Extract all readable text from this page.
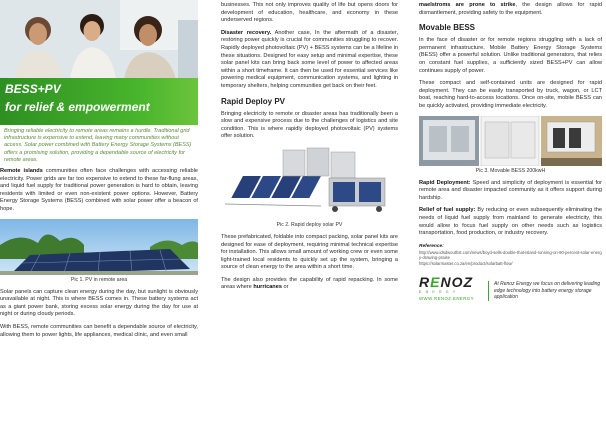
BESS+PV
for relief & empowerment
Bringing reliable electricity to remote areas remains a hurdle. Traditional grid infrastructure is expensive to extend, leaving many communities without access. Solar power combined with Battery Energy Storage Systems (BESS) offers a promising solution, providing a dependable source of electricity for remote areas.

Remote islands communities often face challenges with accessing reliable electricity. Power grids are far too expensive to extend to these far-flung areas, and liquid fuel supply for traditional power generation is hard to obtain, leaving residents with limited or even non-existent power options. However, Battery Energy Storage Systems (BESS) combined with solar power offer a beacon of hope.

Pic 1. PV in remote area

Solar panels can capture clean energy during the day, but sunlight is obviously unavailable at night. This is where BESS comes in. These battery systems act as a giant power bank, storing excess solar energy during the day for use at night or during cloudy periods.

With BESS, remote communities can benefit a dependable source of electricity, allowing them to power lights, life appliances, medical clinic, and even small

businesses. This not only improves quality of life but opens doors for development of education, healthcare, and economy in these underserved regions.

Disaster recovery. Another case, In the aftermath of a disaster, restoring power quickly is crucial for communities struggling to recover. Rapidly deployed photovoltaic (PV) + BESS systems can be a lifeline in these situations. Designed for easy setup and minimal expertise, these solar panel kits can bring back some level of power to affected areas within a short timeframe. It can then be used for essential services like powering medical equipment, communication systems, and lighting in temporary shelters, helping communities get back on their feet.

Rapid Deploy PV

Bringing electricity to remote or disaster areas has traditionally been a slow and expensive process due to the challenges of logistics and site condition. This is where rapidly deployed photovoltaic (PV) systems offer solution.

Pic 2. Rapid deploy solar PV

These prefabricated, foldable into compact packing, solar panel kits are designed for ease of deployment, requiring minimal technical expertise for installation. This allows small amount of working crew or even some light-trained local residents to quickly set up the system, bringing a source of clean energy to the area within a short time.

The design also provides the capability of rapid repacking. In some areas where hurricanes or

maelstroms are prone to strike, the design allows for rapid dismantlement, providing safety to the equipment.

Movable BESS

In the face of disaster or for remote regions struggling with a lack of permanent infrastructure, Mobile Battery Energy Storage Systems (BESS) offer a powerful solution. Unlike traditional generators, that relies on constant fuel supplies, a sufficiently sized BESS+PV can allow continues supply of power.

These compact and self-contained units are designed for rapid deployment. They can be easily transported by truck, wagon, or LCT boat, reaching hard-to-access locations. Once on-site, mobile BESS can be quickly activated, providing immediate electricity.

Pic 3. Movable BESS 200kwH

Rapid Deployment: Speed and simplicity of deployment is essential for remote area and disaster impacted community as it offers support during hardship.

Relief of fuel supply: By reducing or even subsequently eliminating the needs of liquid fuel supply from mainland to generate electricity, this would allow to focus fuel supply on other needs such as logistics transportation, food production, or industry recovery.

Reference:
http://www.idsdwouthst.com/news/boyd-sells-double-that-island-running-on-90-percent-solar-energy-drawing-praise
https://solarmaster.co.za/en/product/solarbatt-flow/
RENOZ
E N E R G Y
WWW.RENOZ.ENERGY
At Renoz Energy we focus on delivering leading edge technology into battery energy storage application
